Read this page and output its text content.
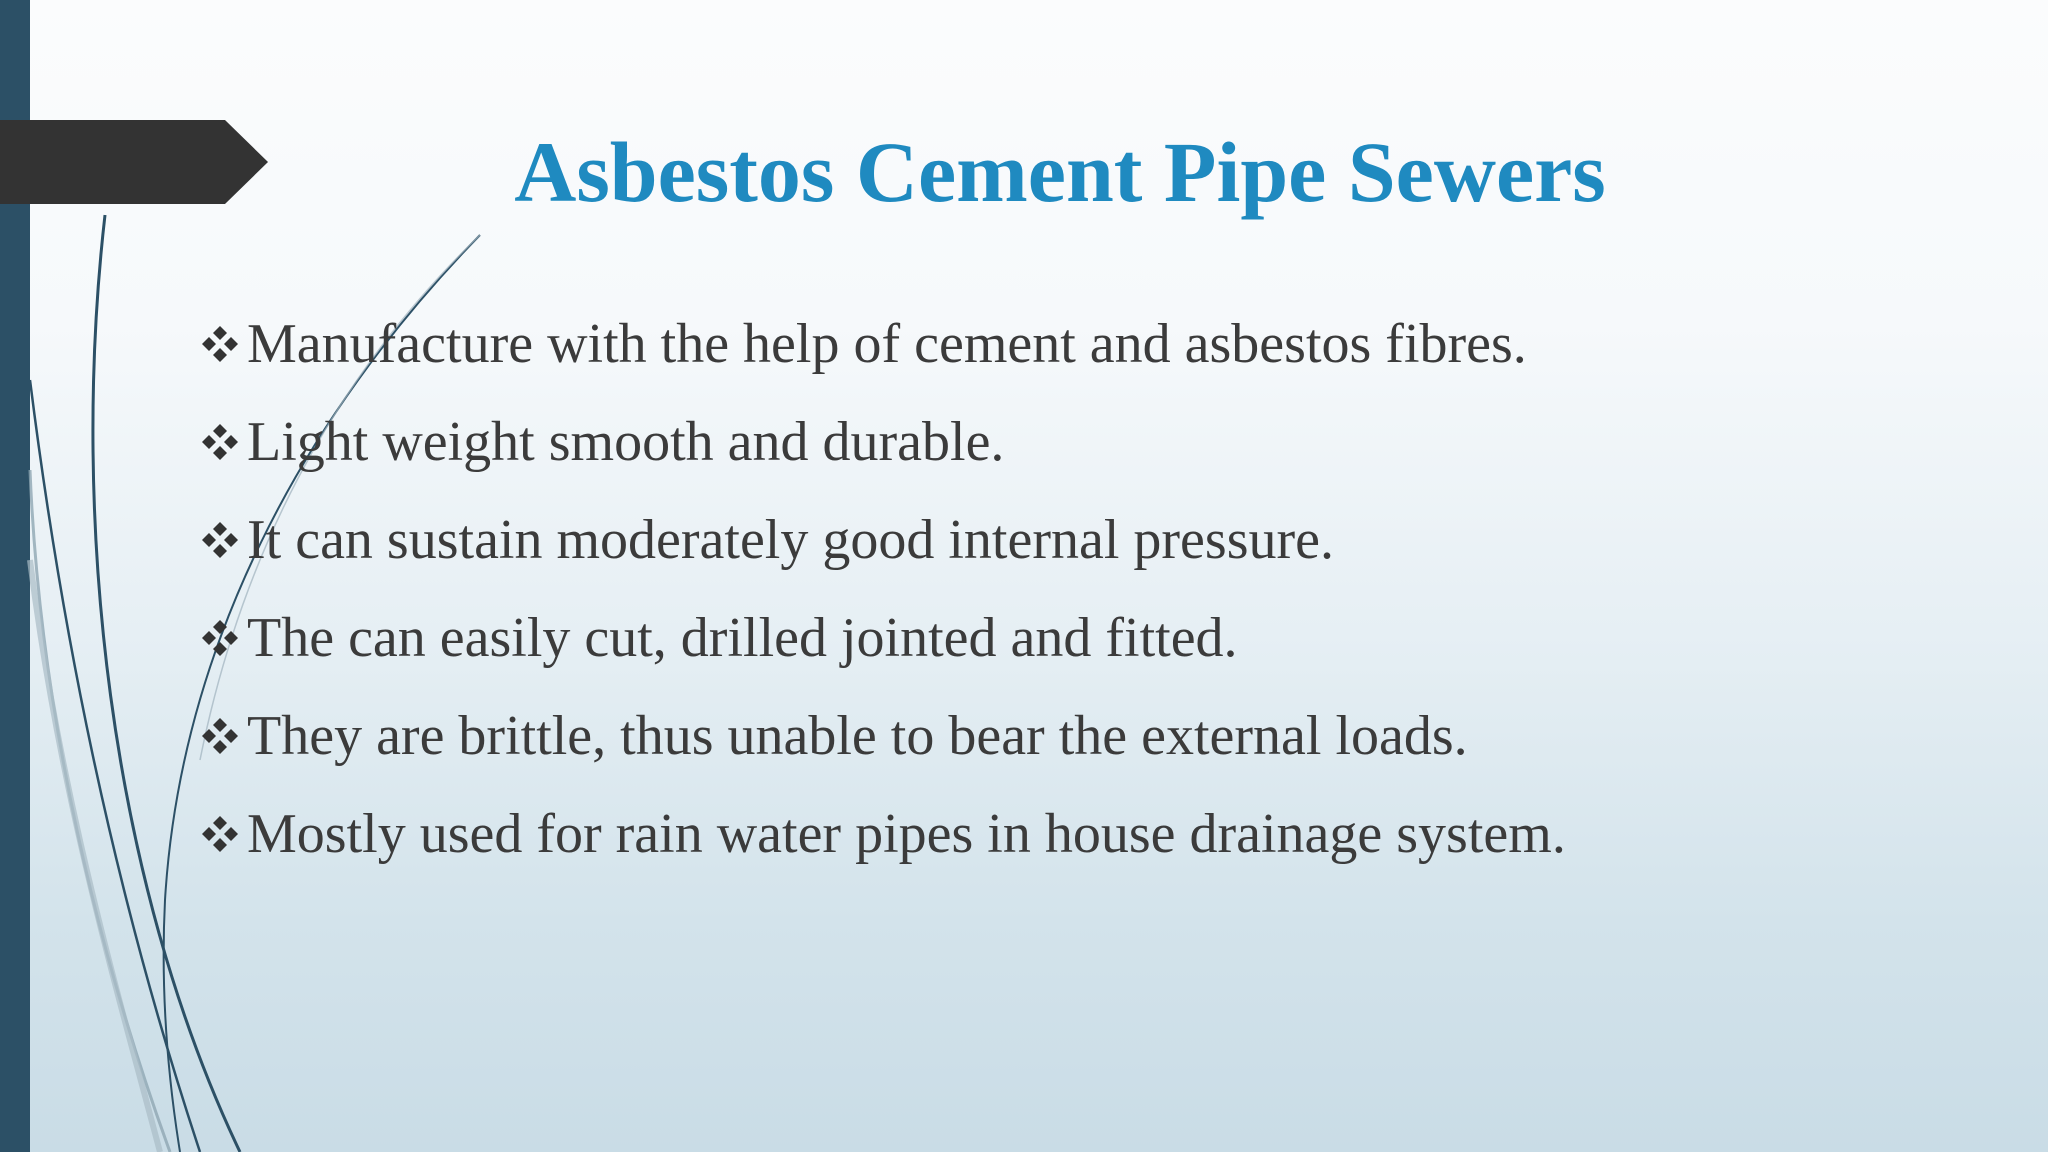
Asbestos Cement Pipe Sewers
Manufacture with the help of cement and asbestos fibres.
Light weight smooth and durable.
It can sustain moderately good internal pressure.
The can easily cut, drilled jointed and fitted.
They are brittle, thus unable to bear the external loads.
Mostly used for rain water pipes in house drainage system.
